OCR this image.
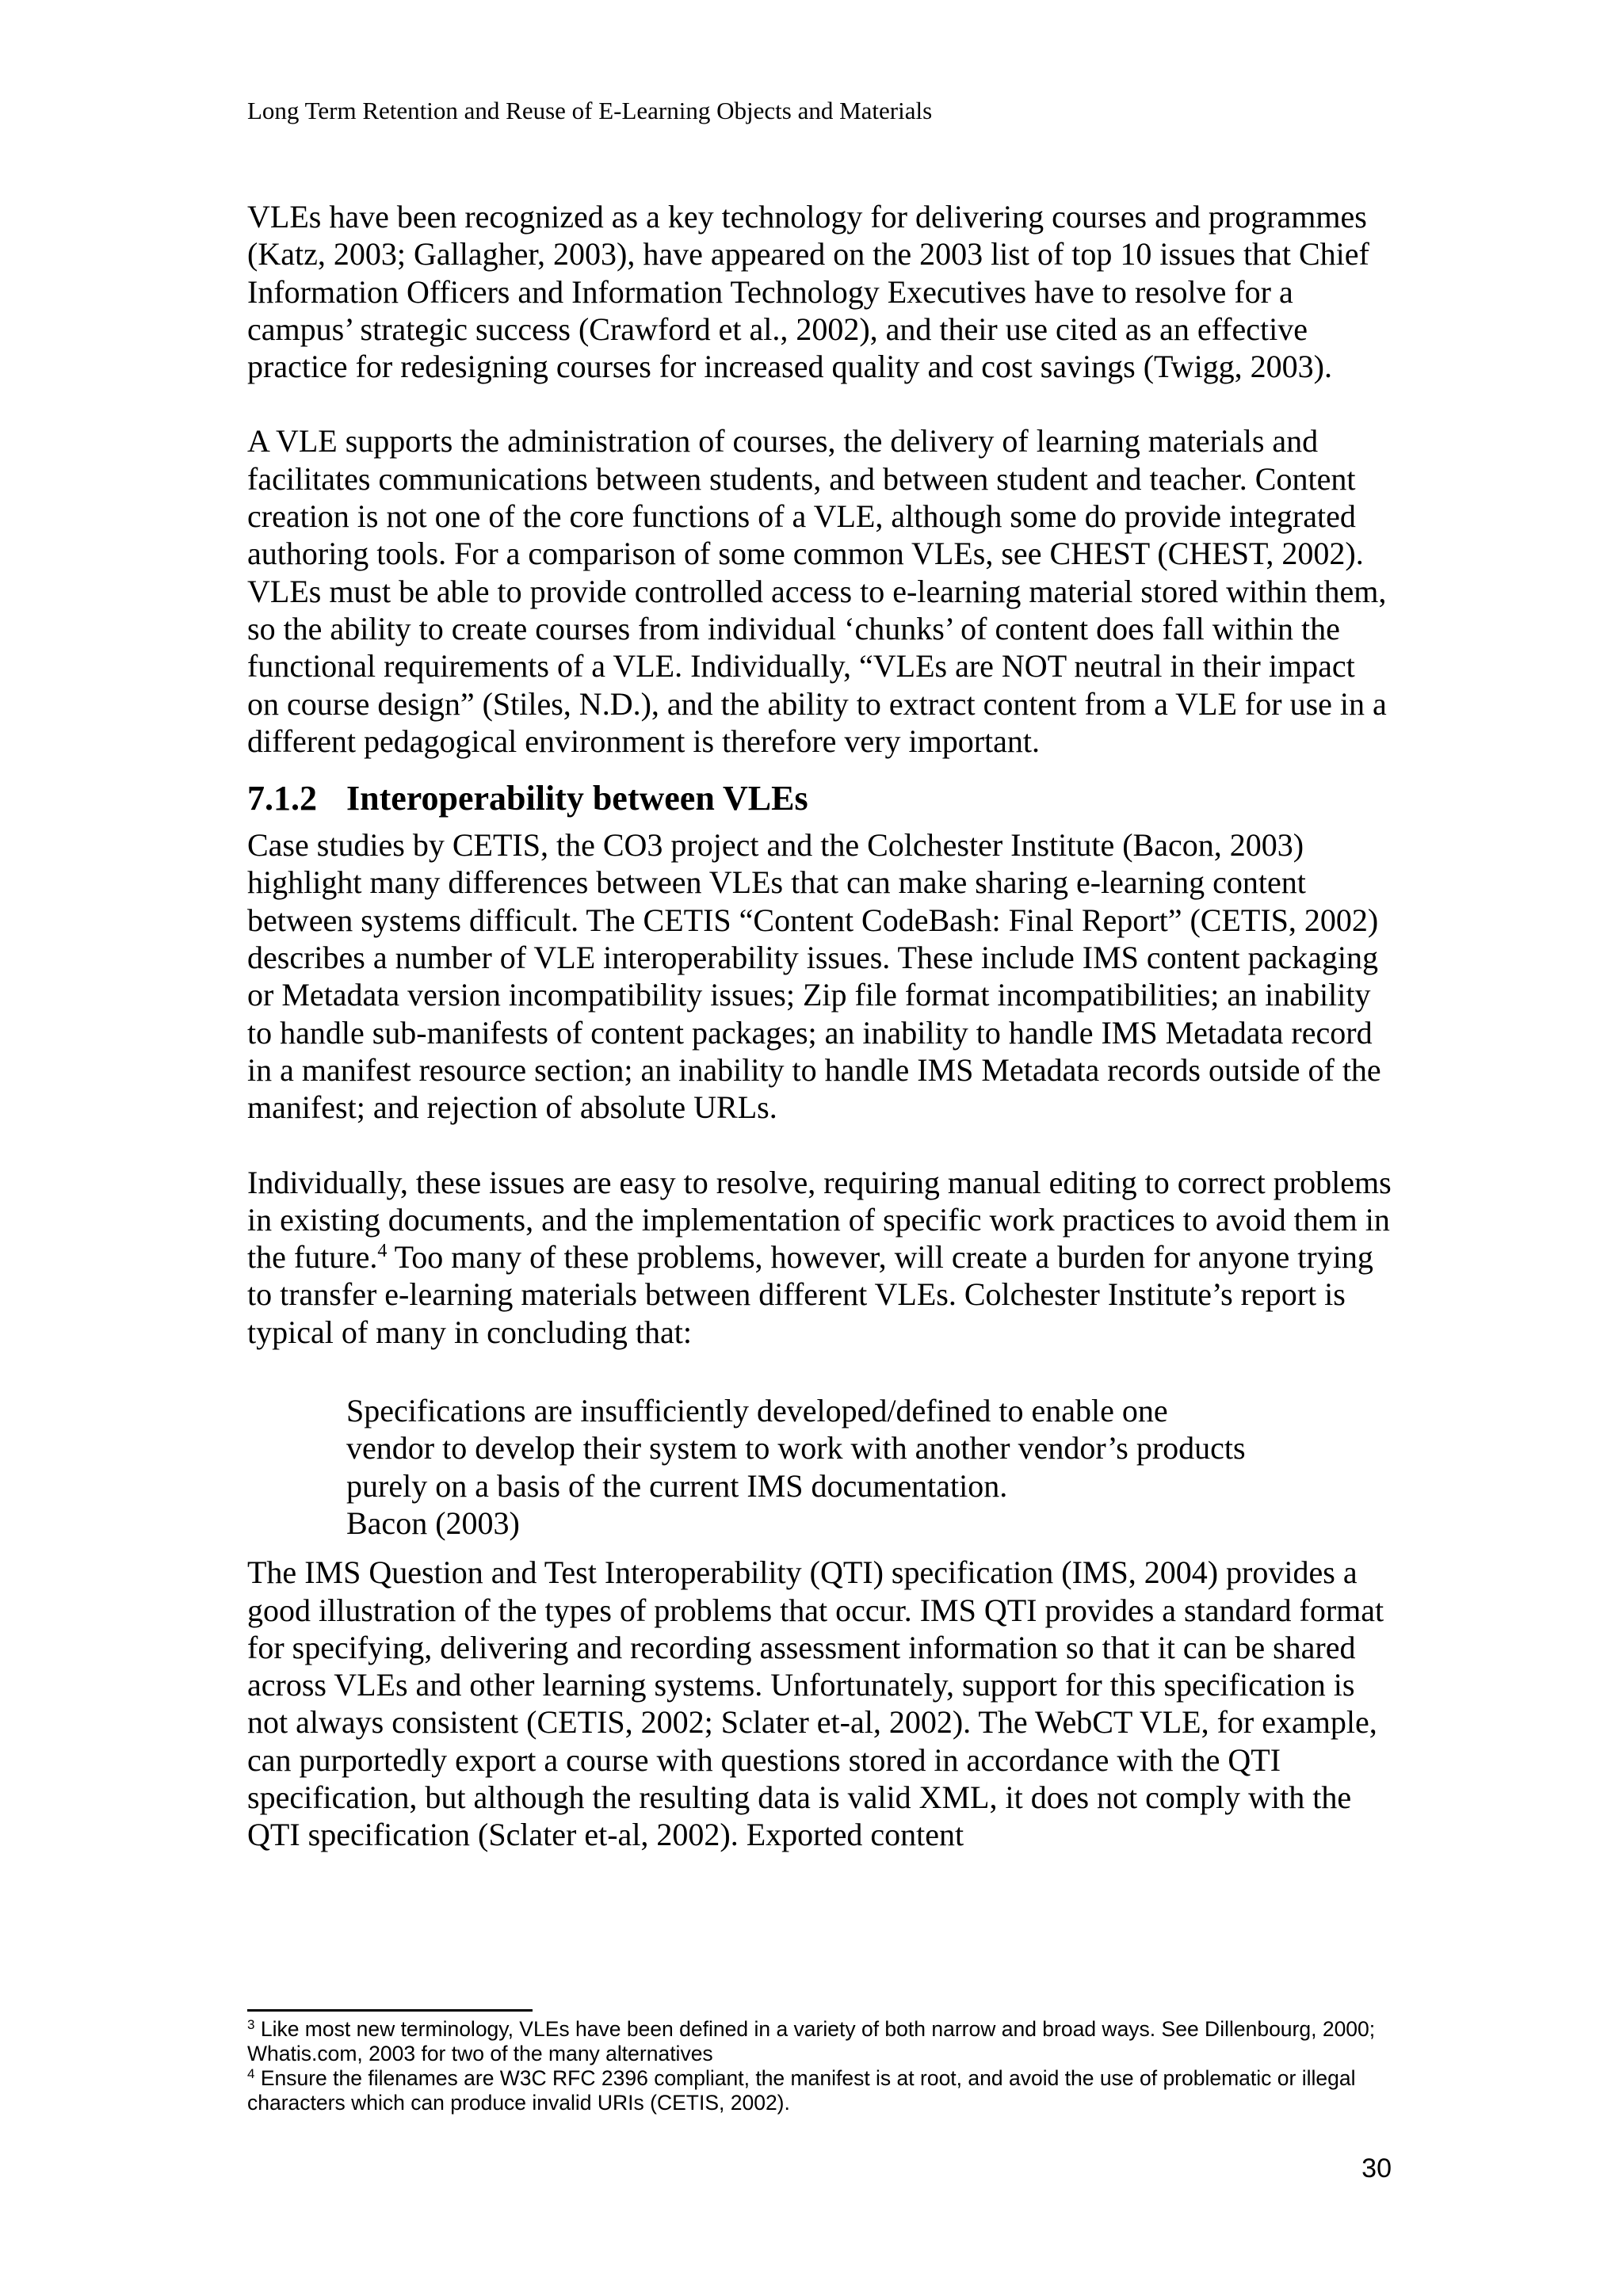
Long Term Retention and Reuse of E-Learning Objects and Materials

VLEs have been recognized as a key technology for delivering courses and programmes (Katz, 2003; Gallagher, 2003), have appeared on the 2003 list of top 10 issues that Chief Information Officers and Information Technology Executives have to resolve for a campus’ strategic success (Crawford et al., 2002), and their use cited as an effective practice for redesigning courses for increased quality and cost savings (Twigg, 2003).

A VLE supports the administration of courses, the delivery of learning materials and facilitates communications between students, and between student and teacher. Content creation is not one of the core functions of a VLE, although some do provide integrated authoring tools. For a comparison of some common VLEs, see CHEST (CHEST, 2002). VLEs must be able to provide controlled access to e-learning material stored within them, so the ability to create courses from individual ‘chunks’ of content does fall within the functional requirements of a VLE. Individually, “VLEs are NOT neutral in their impact on course design” (Stiles, N.D.), and the ability to extract content from a VLE for use in a different pedagogical environment is therefore very important.

7.1.2 Interoperability between VLEs

Case studies by CETIS, the CO3 project and the Colchester Institute (Bacon, 2003) highlight many differences between VLEs that can make sharing e-learning content between systems difficult. The CETIS “Content CodeBash: Final Report” (CETIS, 2002) describes a number of VLE interoperability issues. These include IMS content packaging or Metadata version incompatibility issues; Zip file format incompatibilities; an inability to handle sub-manifests of content packages; an inability to handle IMS Metadata record in a manifest resource section; an inability to handle IMS Metadata records outside of the manifest; and rejection of absolute URLs.

Individually, these issues are easy to resolve, requiring manual editing to correct problems in existing documents, and the implementation of specific work practices to avoid them in the future.$^4$ Too many of these problems, however, will create a burden for anyone trying to transfer e-learning materials between different VLEs. Colchester Institute’s report is typical of many in concluding that:

Specifications are insufficiently developed/defined to enable one
vendor to develop their system to work with another vendor’s products
purely on a basis of the current IMS documentation.
Bacon (2003)

The IMS Question and Test Interoperability (QTI) specification (IMS, 2004) provides a good illustration of the types of problems that occur. IMS QTI provides a standard format for specifying, delivering and recording assessment information so that it can be shared across VLEs and other learning systems. Unfortunately, support for this specification is not always consistent (CETIS, 2002; Sclater et-al, 2002). The WebCT VLE, for example, can purportedly export a course with questions stored in accordance with the QTI specification, but although the resulting data is valid XML, it does not comply with the QTI specification (Sclater et-al, 2002). Exported content

$^3$ Like most new terminology, VLEs have been defined in a variety of both narrow and broad ways. See Dillenbourg, 2000; Whatis.com, 2003 for two of the many alternatives

$^4$ Ensure the filenames are W3C RFC 2396 compliant, the manifest is at root, and avoid the use of problematic or illegal characters which can produce invalid URIs (CETIS, 2002).

30
